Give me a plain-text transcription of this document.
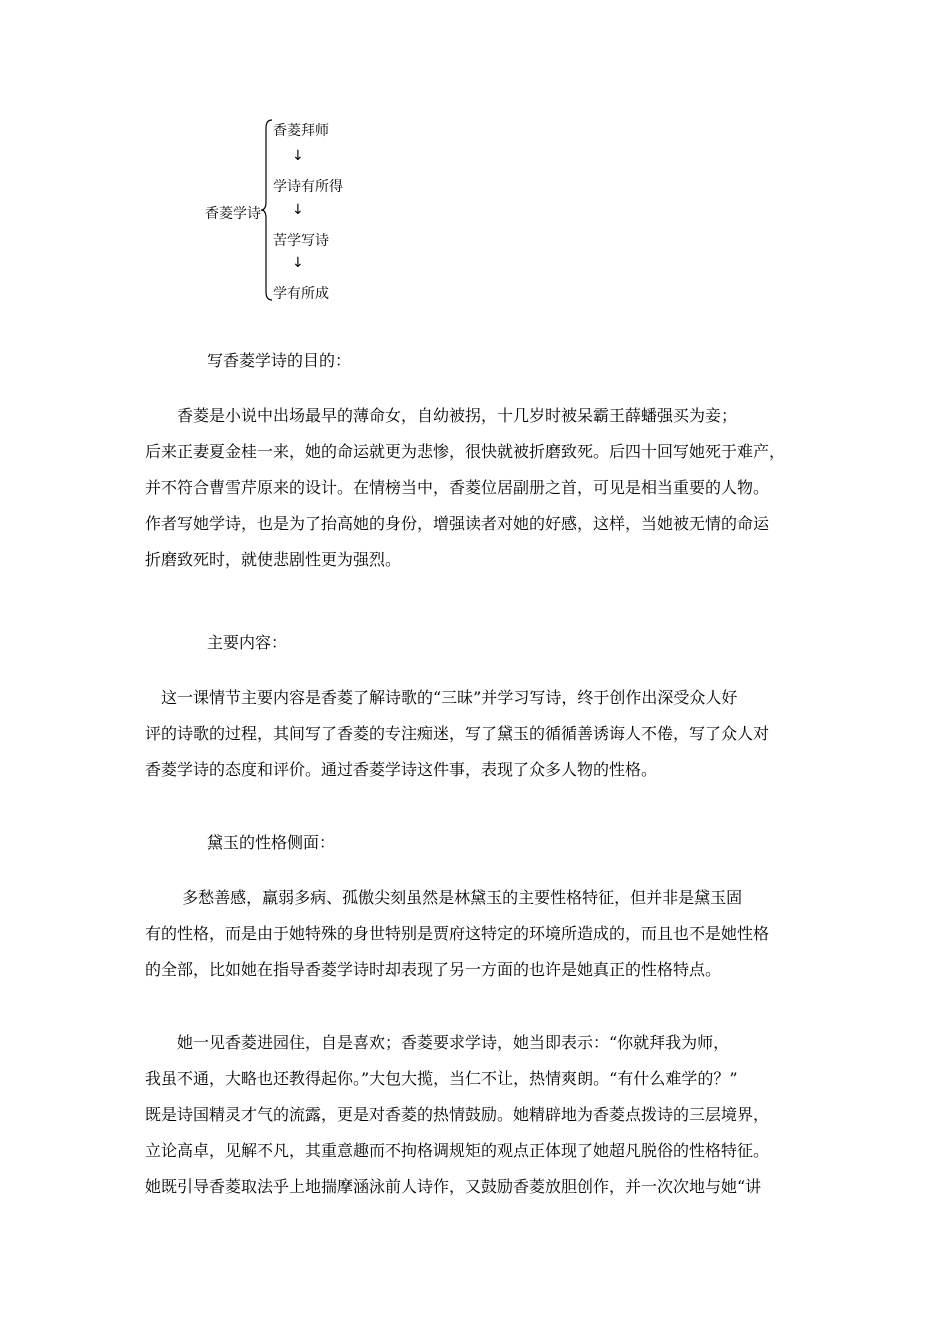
香菱学诗
香菱拜师
↓
学诗有所得
↓
苦学写诗
↓
学有所成
写香菱学诗的目的：
　　香菱是小说中出场最早的薄命女，自幼被拐，十几岁时被呆霸王薛蟠强买为妾；
后来正妻夏金桂一来，她的命运就更为悲惨，很快就被折磨致死。后四十回写她死于难产，
并不符合曹雪芹原来的设计。在情榜当中，香菱位居副册之首，可见是相当重要的人物。
作者写她学诗，也是为了抬高她的身份，增强读者对她的好感，这样，当她被无情的命运
折磨致死时，就使悲剧性更为强烈。
主要内容：
　这一课情节主要内容是香菱了解诗歌的“三昧”并学习写诗，终于创作出深受众人好
评的诗歌的过程，其间写了香菱的专注痴迷，写了黛玉的循循善诱诲人不倦，写了众人对
香菱学诗的态度和评价。通过香菱学诗这件事，表现了众多人物的性格。
黛玉的性格侧面：
　　 多愁善感，羸弱多病、孤傲尖刻虽然是林黛玉的主要性格特征，但并非是黛玉固
有的性格，而是由于她特殊的身世特别是贾府这特定的环境所造成的，而且也不是她性格
的全部，比如她在指导香菱学诗时却表现了另一方面的也许是她真正的性格特点。
　　她一见香菱进园住，自是喜欢；香菱要求学诗，她当即表示：“你就拜我为师，
我虽不通，大略也还教得起你。”大包大揽，当仁不让，热情爽朗。“有什么难学的？”
既是诗国精灵才气的流露，更是对香菱的热情鼓励。她精辟地为香菱点拨诗的三层境界，
立论高卓，见解不凡，其重意趣而不拘格调规矩的观点正体现了她超凡脱俗的性格特征。
她既引导香菱取法乎上地揣摩涵泳前人诗作，又鼓励香菱放胆创作，并一次次地与她“讲
